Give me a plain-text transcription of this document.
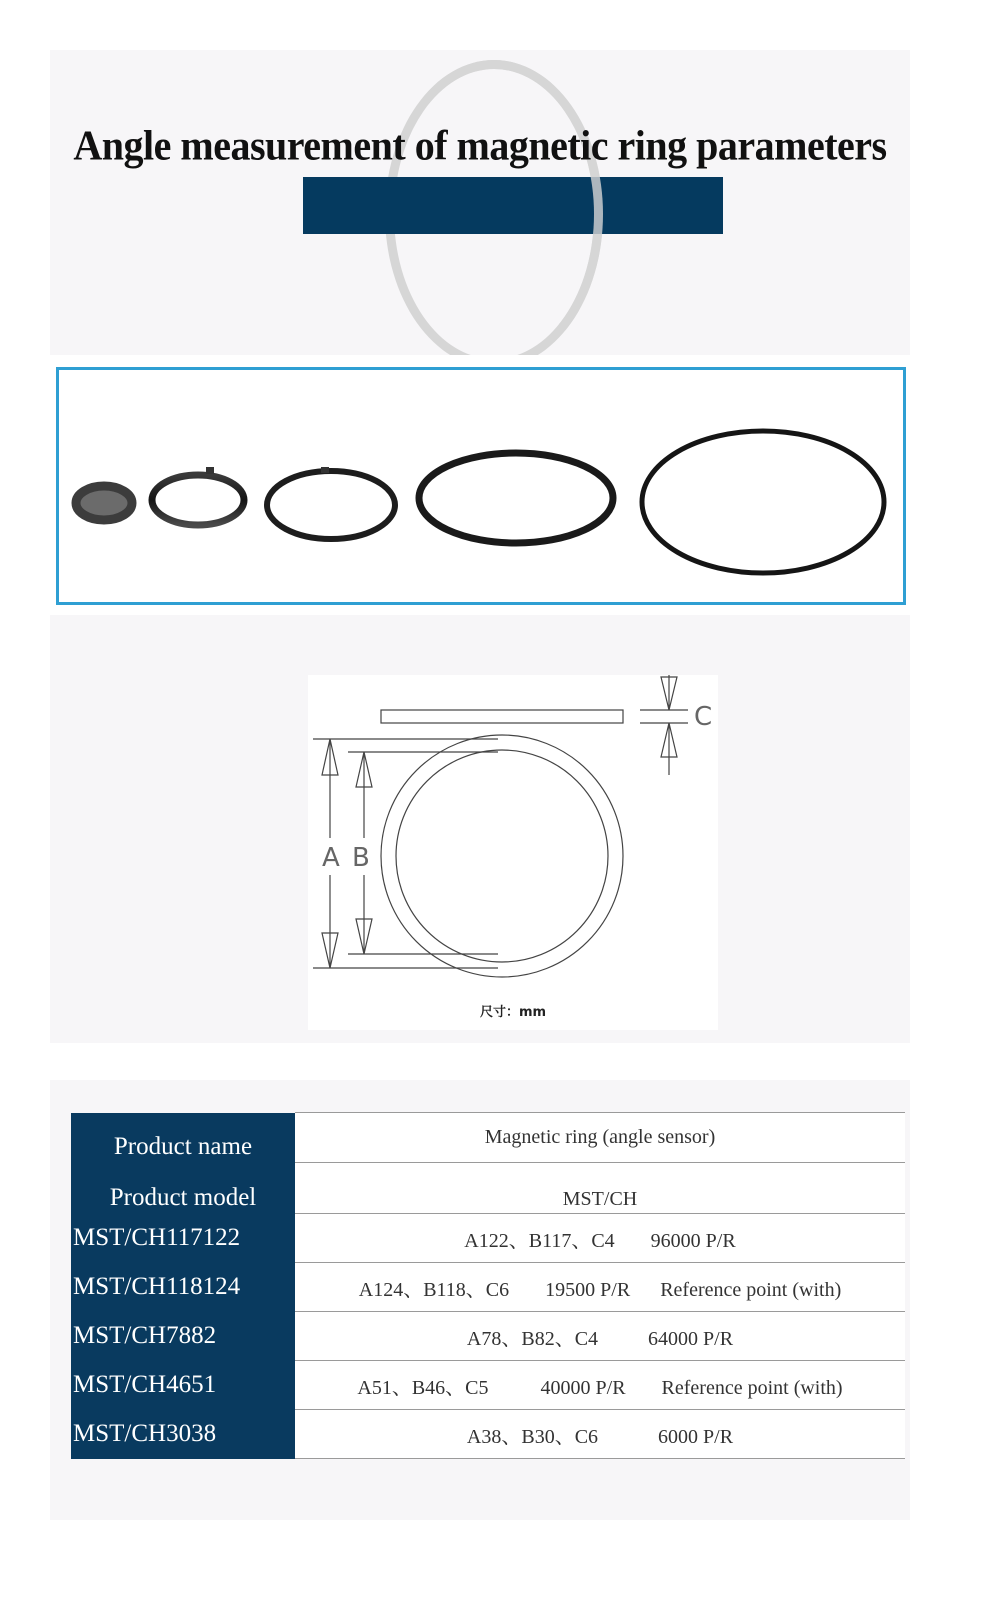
Angle measurement of magnetic ring parameters
A B
C
尺寸：mm
Product name	Magnetic ring (angle sensor)
Product model	MST/CH
MST/CH117122	A122、B117、C4 96000 P/R
MST/CH118124	A124、B118、C6 19500 P/R Reference point (with)
MST/CH7882	A78、B82、C4 64000 P/R
MST/CH4651	A51、B46、C5 40000 P/R Reference point (with)
MST/CH3038	A38、B30、C6 6000 P/R
